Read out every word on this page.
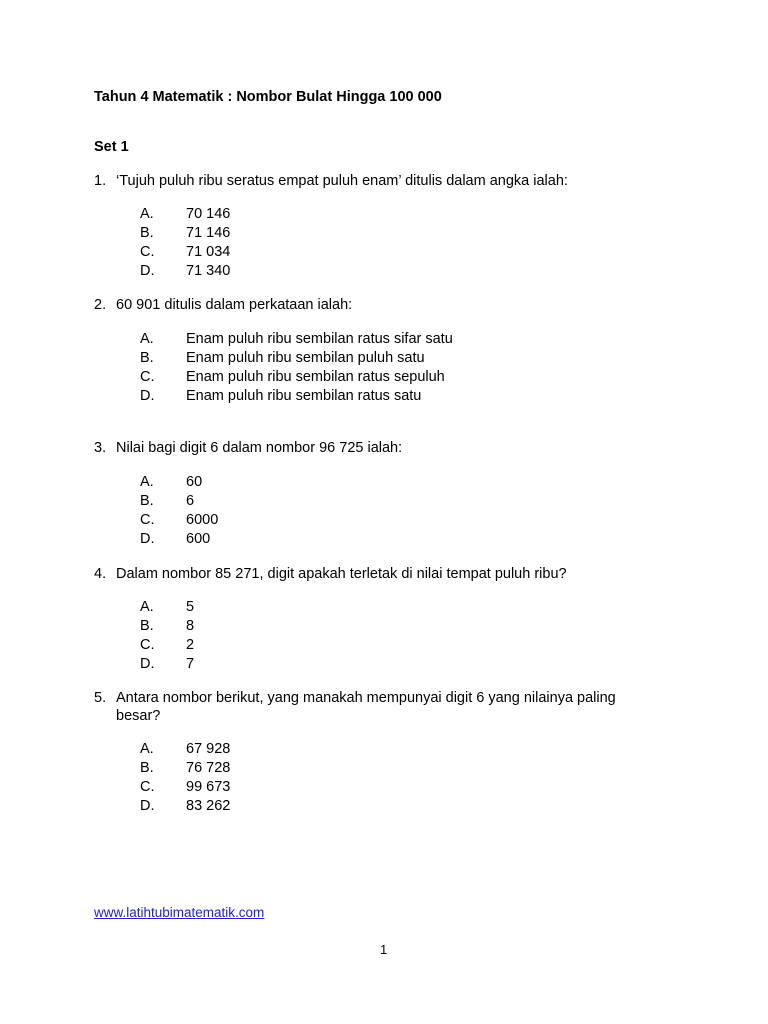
Tahun 4 Matematik : Nombor Bulat Hingga 100 000
Set 1
1. ‘Tujuh puluh ribu seratus empat puluh enam’ ditulis dalam angka ialah:
A. 70 146
B. 71 146
C. 71 034
D. 71 340
2. 60 901 ditulis dalam perkataan ialah:
A. Enam puluh ribu sembilan ratus sifar satu
B. Enam puluh ribu sembilan puluh satu
C. Enam puluh ribu sembilan ratus sepuluh
D. Enam puluh ribu sembilan ratus satu
3. Nilai bagi digit 6 dalam nombor 96 725 ialah:
A. 60
B. 6
C. 6000
D. 600
4. Dalam nombor 85 271, digit apakah terletak di nilai tempat puluh ribu?
A. 5
B. 8
C. 2
D. 7
5. Antara nombor berikut, yang manakah mempunyai digit 6 yang nilainya paling
besar?
A. 67 928
B. 76 728
C. 99 673
D. 83 262
www.latihtubimatematik.com
1
